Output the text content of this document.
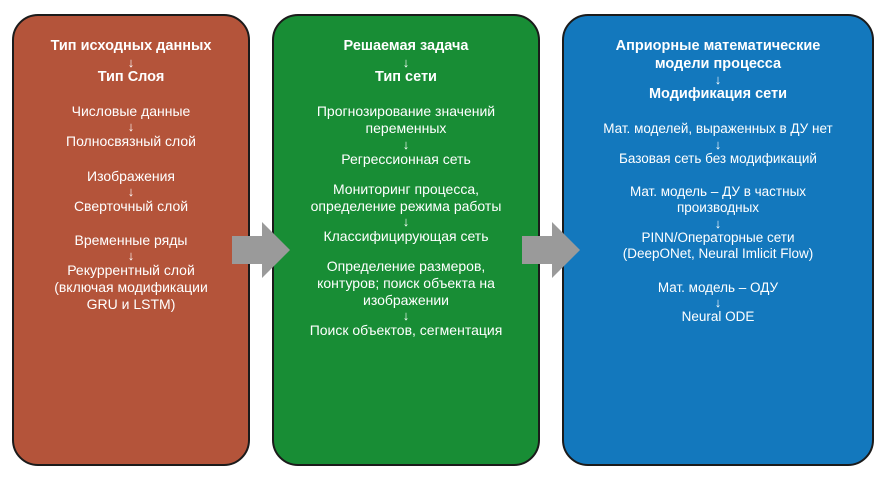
Тип исходных данных
↓
Тип Слоя
Числовые данные
↓
Полносвязный слой
Изображения
↓
Сверточный слой
Временные ряды
↓
Рекуррентный слой
(включая модификации
GRU и LSTM)
Решаемая задача
↓
Тип сети
Прогнозирование значений
переменных
↓
Регрессионная сеть
Мониторинг процесса,
определение режима работы
↓
Классифицирующая сеть
Определение размеров,
контуров; поиск объекта на
изображении
↓
Поиск объектов, сегментация
Априорные математические
модели процесса
↓
Модификация сети
Мат. моделей, выраженных в ДУ нет
↓
Базовая сеть без модификаций
Мат. модель – ДУ в частных
производных
↓
PINN/Операторные сети
(DeepONet, Neural Imlicit Flow)
Мат. модель – ОДУ
↓
Neural ODE
